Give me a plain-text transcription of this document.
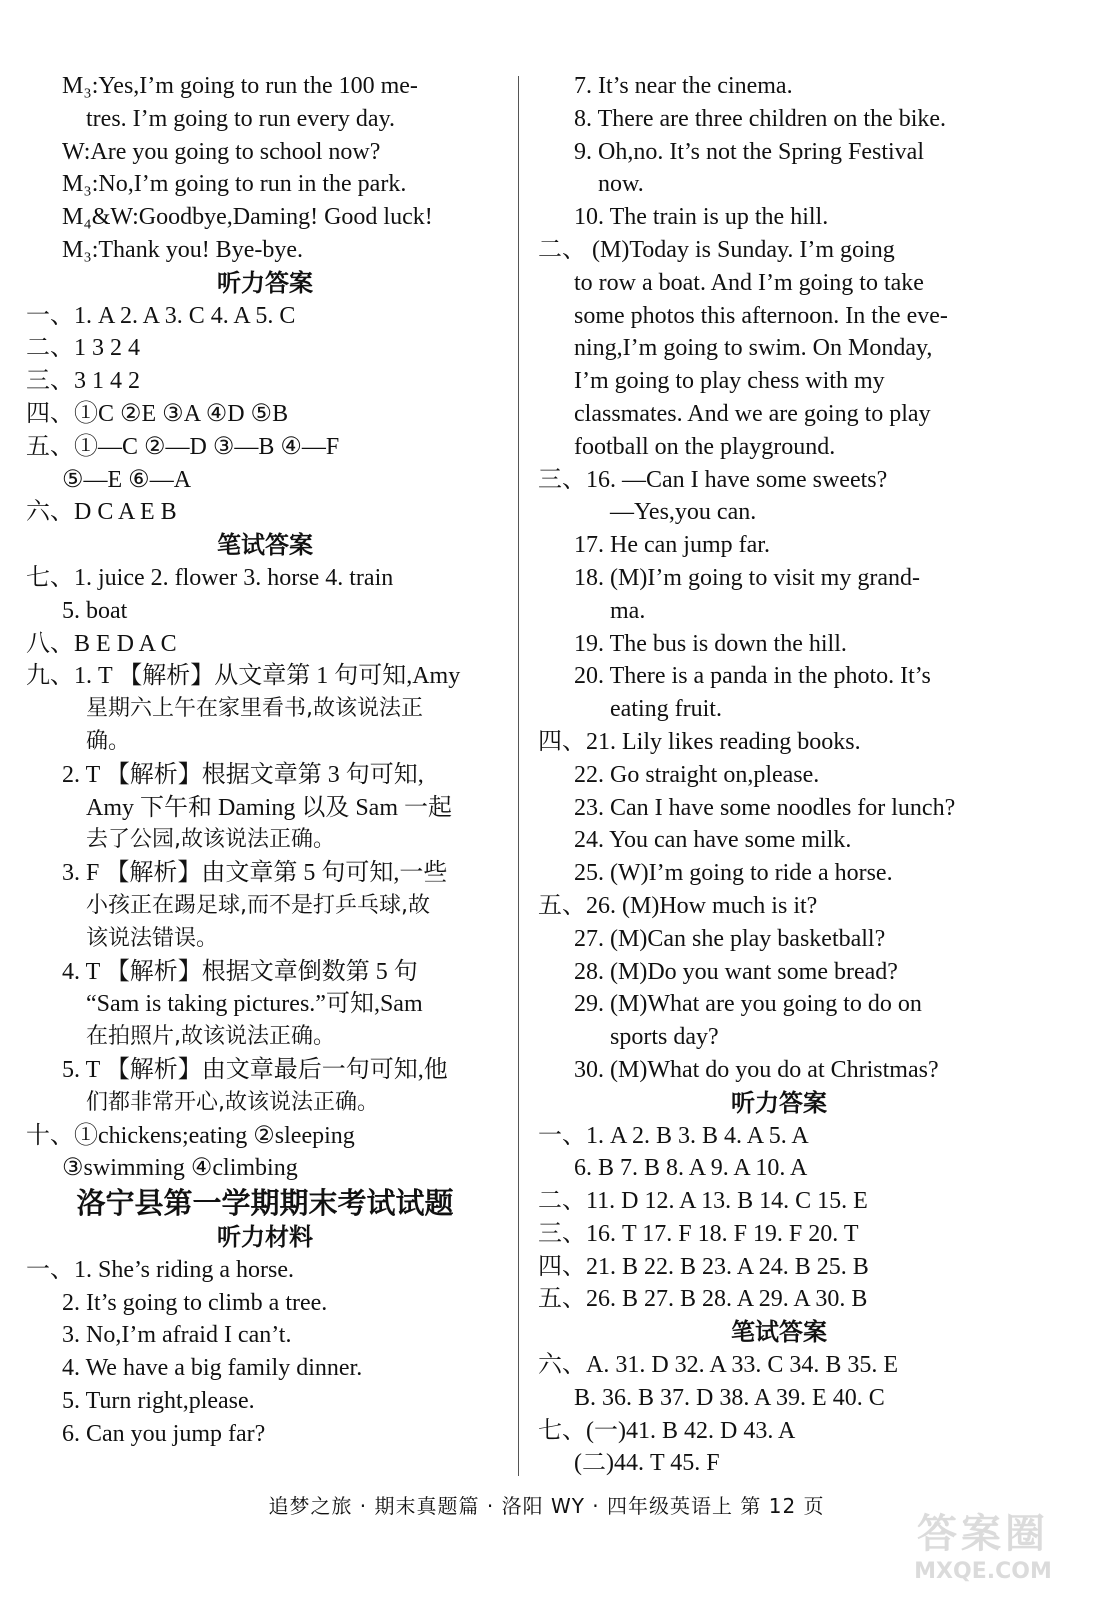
M₃:Yes,I’m going to run the 100 me-
tres. I’m going to run every day.
W:Are you going to school now?
M₃:No,I’m going to run in the park.
M₄&W:Goodbye,Daming! Good luck!
M₃:Thank you! Bye-bye.
听力答案
一、1. A 2. A 3. C 4. A 5. C
二、1 3 2 4
三、3 1 4 2
四、①C ②E ③A ④D ⑤B
五、①—C ②—D ③—B ④—F
⑤—E ⑥—A
六、D C A E B
笔试答案
七、1. juice 2. flower 3. horse 4. train
5. boat
八、B E D A C
九、1. T 【解析】从文章第 1 句可知,Amy
星期六上午在家里看书,故该说法正
确。
2. T 【解析】根据文章第 3 句可知,
Amy 下午和 Daming 以及 Sam 一起
去了公园,故该说法正确。
3. F 【解析】由文章第 5 句可知,一些
小孩正在踢足球,而不是打乒乓球,故
该说法错误。
4. T 【解析】根据文章倒数第 5 句
“Sam is taking pictures.”可知,Sam
在拍照片,故该说法正确。
5. T 【解析】由文章最后一句可知,他
们都非常开心,故该说法正确。
十、①chickens;eating ②sleeping
③swimming ④climbing
洛宁县第一学期期末考试试题
听力材料
一、1. She’s riding a horse.
2. It’s going to climb a tree.
3. No,I’m afraid I can’t.
4. We have a big family dinner.
5. Turn right,please.
6. Can you jump far?
7. It’s near the cinema.
8. There are three children on the bike.
9. Oh,no. It’s not the Spring Festival
now.
10. The train is up the hill.
二、 (M)Today is Sunday. I’m going
to row a boat. And I’m going to take
some photos this afternoon. In the eve-
ning,I’m going to swim. On Monday,
I’m going to play chess with my
classmates. And we are going to play
football on the playground.
三、16. —Can I have some sweets?
—Yes,you can.
17. He can jump far.
18. (M)I’m going to visit my grand-
ma.
19. The bus is down the hill.
20. There is a panda in the photo. It’s
eating fruit.
四、21. Lily likes reading books.
22. Go straight on,please.
23. Can I have some noodles for lunch?
24. You can have some milk.
25. (W)I’m going to ride a horse.
五、26. (M)How much is it?
27. (M)Can she play basketball?
28. (M)Do you want some bread?
29. (M)What are you going to do on
sports day?
30. (M)What do you do at Christmas?
听力答案
一、1. A 2. B 3. B 4. A 5. A
6. B 7. B 8. A 9. A 10. A
二、11. D 12. A 13. B 14. C 15. E
三、16. T 17. F 18. F 19. F 20. T
四、21. B 22. B 23. A 24. B 25. B
五、26. B 27. B 28. A 29. A 30. B
笔试答案
六、A. 31. D 32. A 33. C 34. B 35. E
B. 36. B 37. D 38. A 39. E 40. C
七、(一)41. B 42. D 43. A
(二)44. T 45. F
追梦之旅 · 期末真题篇 · 洛阳 WY · 四年级英语上 第 12 页
答案圈
MXQE.COM
